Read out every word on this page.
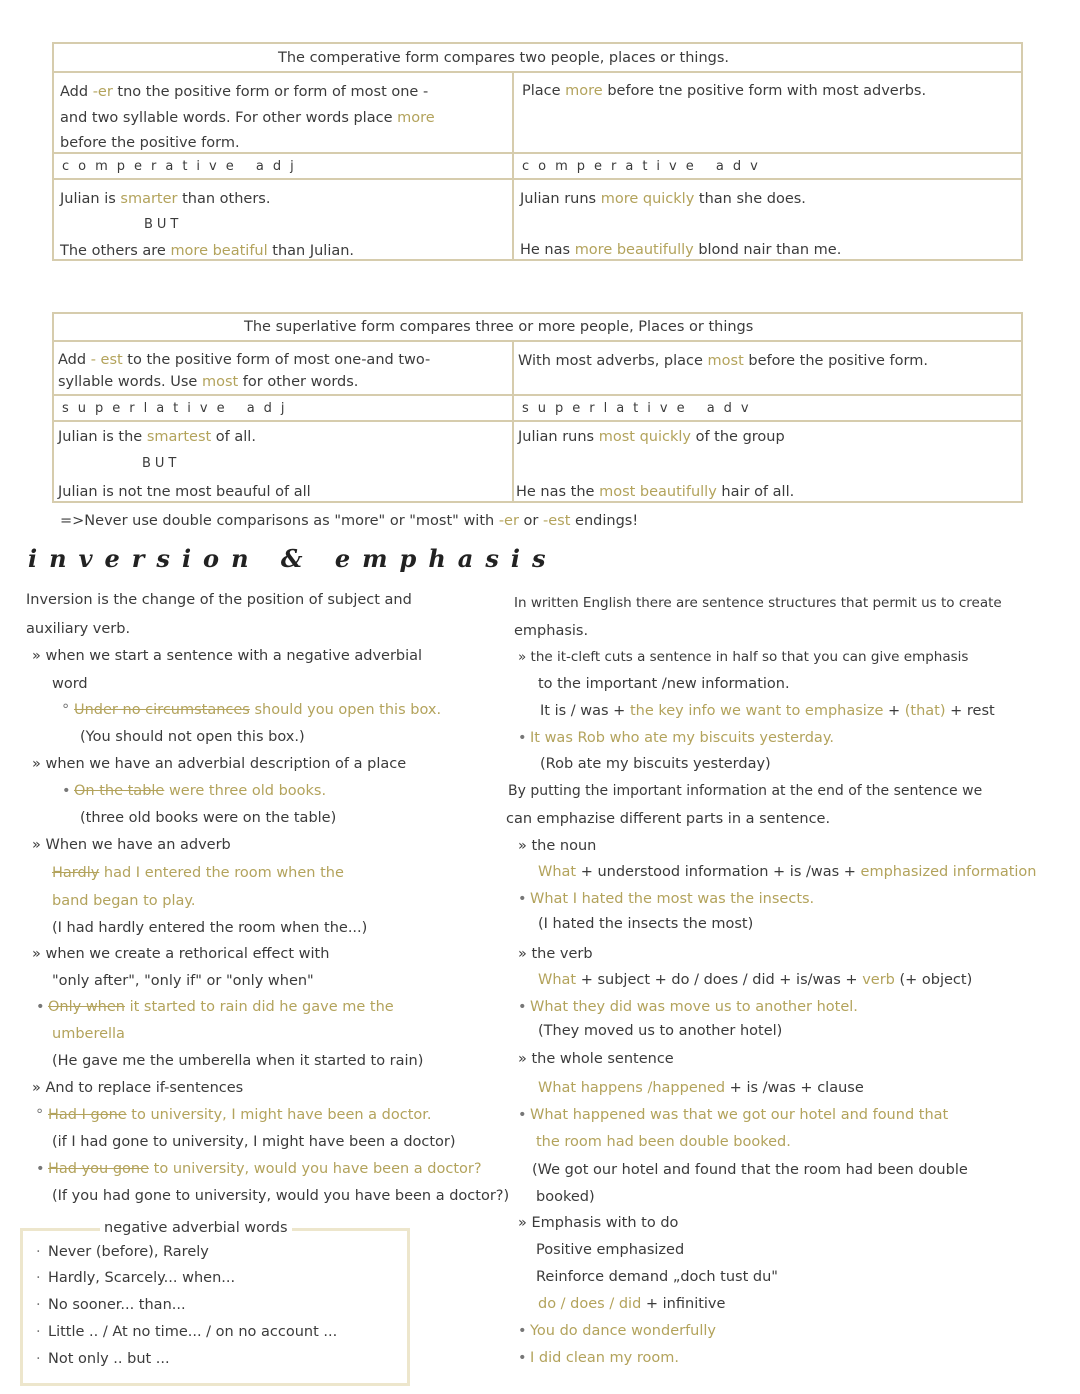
The comperative form compares two people, places or things.
Add -er tno the positive form or form of most one -
and two syllable words. For other words place more
before the positive form.
Place more before tne positive form with most adverbs.
comperative adj	comperative adv
Julian is smarter than others.
BUT
The others are more beatiful than Julian.
Julian runs more quickly than she does.
He nas more beautifully blond nair than me.
The superlative form compares three or more people, Places or things
Add - est to the positive form of most one-and two-
syllable words. Use most for other words.
With most adverbs, place most before the positive form.
superlative adj	superlative adv
Julian is the smartest of all.
BUT
Julian is not tne most beauful of all
Julian runs most quickly of the group
He nas the most beautifully hair of all.
=>Never use double comparisons as "more" or "most" with -er or -est endings!
inversion & emphasis
Inversion is the change of the position of subject and
auxiliary verb.
» when we start a sentence with a negative adverbial
word
° Under no circumstances should you open this box.
(You should not open this box.)
» when we have an adverbial description of a place
• On the table were three old books.
(three old books were on the table)
» When we have an adverb
Hardly had I entered the room when the
band began to play.
(I had hardly entered the room when the...)
» when we create a rethorical effect with
"only after", "only if" or "only when"
• Only when it started to rain did he gave me the
umberella
(He gave me the umberella when it started to rain)
» And to replace if-sentences
° Had I gone to university, I might have been a doctor.
(if I had gone to university, I might have been a doctor)
• Had you gone to university, would you have been a doctor?
(If you had gone to university, would you have been a doctor?)
negative adverbial words
· Never (before), Rarely
· Hardly, Scarcely... when...
· No sooner... than...
· Little .. / At no time... / on no account ...
· Not only .. but ...
In written English there are sentence structures that permit us to create
emphasis.
» the it-cleft cuts a sentence in half so that you can give emphasis
to the important /new information.
It is / was + the key info we want to emphasize + (that) + rest
• It was Rob who ate my biscuits yesterday.
(Rob ate my biscuits yesterday)
By putting the important information at the end of the sentence we
can emphazise different parts in a sentence.
» the noun
What + understood information + is /was + emphasized information
• What I hated the most was the insects.
(I hated the insects the most)
» the verb
What + subject + do / does / did + is/was + verb (+ object)
• What they did was move us to another hotel.
(They moved us to another hotel)
» the whole sentence
What happens /happened + is /was + clause
• What happened was that we got our hotel and found that
the room had been double booked.
(We got our hotel and found that the room had been double
booked)
» Emphasis with to do
Positive emphasized
Reinforce demand „doch tust du"
do / does / did + infinitive
• You do dance wonderfully
• I did clean my room.
